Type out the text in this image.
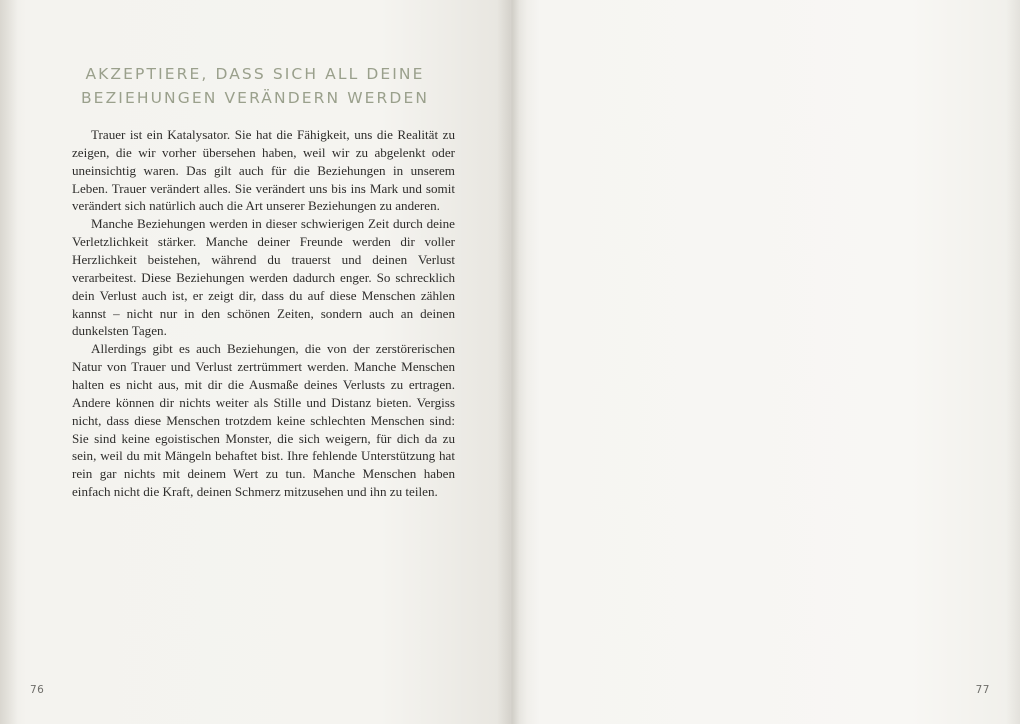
AKZEPTIERE, DASS SICH ALL DEINE BEZIEHUNGEN VERÄNDERN WERDEN

Trauer ist ein Katalysator. Sie hat die Fähigkeit, uns die Realität zu zeigen, die wir vorher übersehen haben, weil wir zu abgelenkt oder uneinsichtig waren. Das gilt auch für die Beziehungen in unserem Leben. Trauer verändert alles. Sie verändert uns bis ins Mark und somit verändert sich natürlich auch die Art unserer Beziehungen zu anderen.

Manche Beziehungen werden in dieser schwierigen Zeit durch deine Verletzlichkeit stärker. Manche deiner Freunde werden dir voller Herzlichkeit beistehen, während du trauerst und deinen Verlust verarbeitest. Diese Beziehungen werden dadurch enger. So schrecklich dein Verlust auch ist, er zeigt dir, dass du auf diese Menschen zählen kannst – nicht nur in den schönen Zeiten, sondern auch an deinen dunkelsten Tagen.

Allerdings gibt es auch Beziehungen, die von der zerstörerischen Natur von Trauer und Verlust zertrümmert werden. Manche Menschen halten es nicht aus, mit dir die Ausmaße deines Verlusts zu ertragen. Andere können dir nichts weiter als Stille und Distanz bieten. Vergiss nicht, dass diese Menschen trotzdem keine schlechten Menschen sind: Sie sind keine egoistischen Monster, die sich weigern, für dich da zu sein, weil du mit Mängeln behaftet bist. Ihre fehlende Unterstützung hat rein gar nichts mit deinem Wert zu tun. Manche Menschen haben einfach nicht die Kraft, deinen Schmerz mitzusehen und ihn zu teilen.

76	77
